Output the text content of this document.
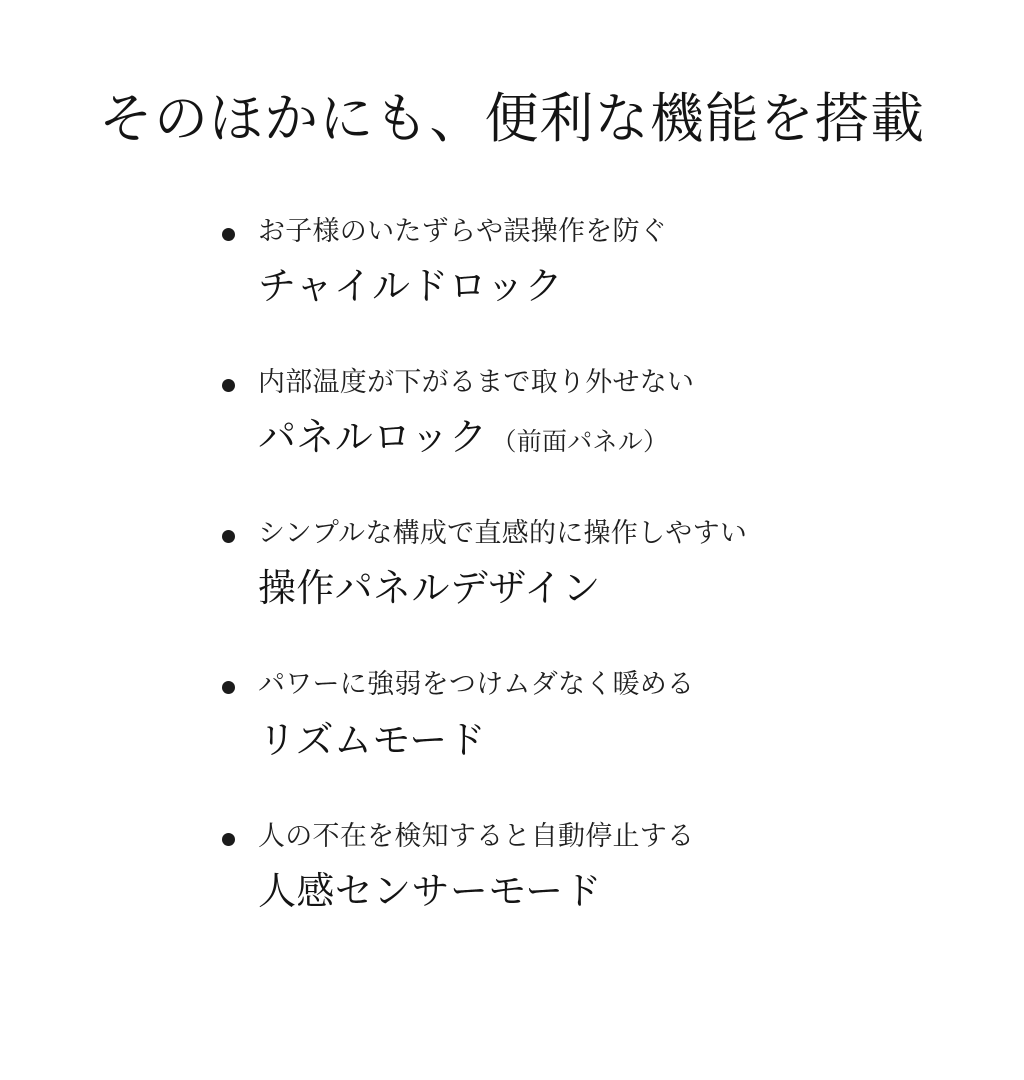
そのほかにも、便利な機能を搭載
お子様のいたずらや誤操作を防ぐ
チャイルドロック
内部温度が下がるまで取り外せない
パネルロック （前面パネル）
シンプルな構成で直感的に操作しやすい
操作パネルデザイン
パワーに強弱をつけムダなく暖める
リズムモード
人の不在を検知すると自動停止する
人感センサーモード
